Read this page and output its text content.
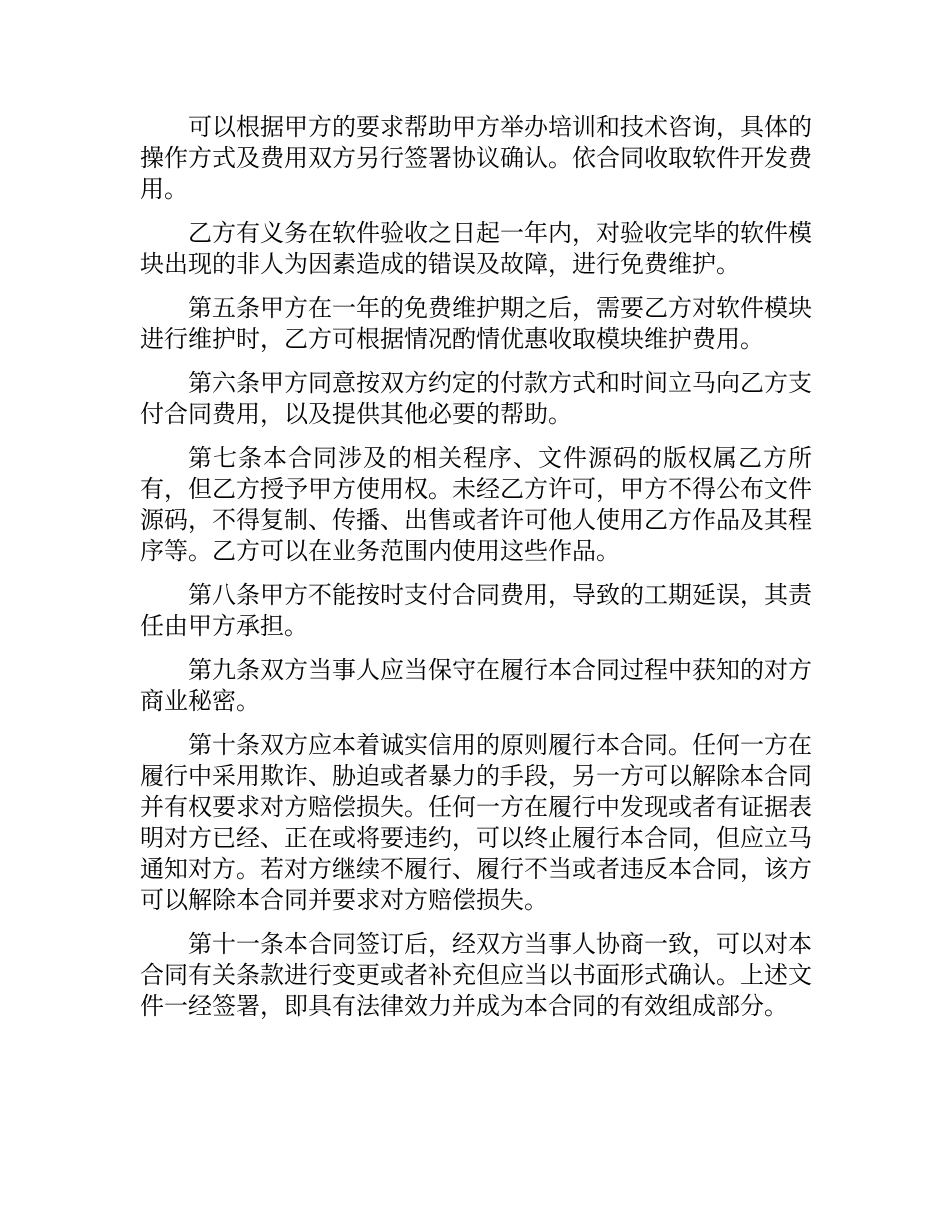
可以根据甲方的要求帮助甲方举办培训和技术咨询，具体的操作方式及费用双方另行签署协议确认。依合同收取软件开发费用。

乙方有义务在软件验收之日起一年内，对验收完毕的软件模块出现的非人为因素造成的错误及故障，进行免费维护。

第五条甲方在一年的免费维护期之后，需要乙方对软件模块进行维护时，乙方可根据情况酌情优惠收取模块维护费用。

第六条甲方同意按双方约定的付款方式和时间立马向乙方支付合同费用，以及提供其他必要的帮助。

第七条本合同涉及的相关程序、文件源码的版权属乙方所有，但乙方授予甲方使用权。未经乙方许可，甲方不得公布文件源码，不得复制、传播、出售或者许可他人使用乙方作品及其程序等。乙方可以在业务范围内使用这些作品。

第八条甲方不能按时支付合同费用，导致的工期延误，其责任由甲方承担。

第九条双方当事人应当保守在履行本合同过程中获知的对方商业秘密。

第十条双方应本着诚实信用的原则履行本合同。任何一方在履行中采用欺诈、胁迫或者暴力的手段，另一方可以解除本合同并有权要求对方赔偿损失。任何一方在履行中发现或者有证据表明对方已经、正在或将要违约，可以终止履行本合同，但应立马通知对方。若对方继续不履行、履行不当或者违反本合同，该方可以解除本合同并要求对方赔偿损失。

第十一条本合同签订后，经双方当事人协商一致，可以对本合同有关条款进行变更或者补充但应当以书面形式确认。上述文件一经签署，即具有法律效力并成为本合同的有效组成部分。
